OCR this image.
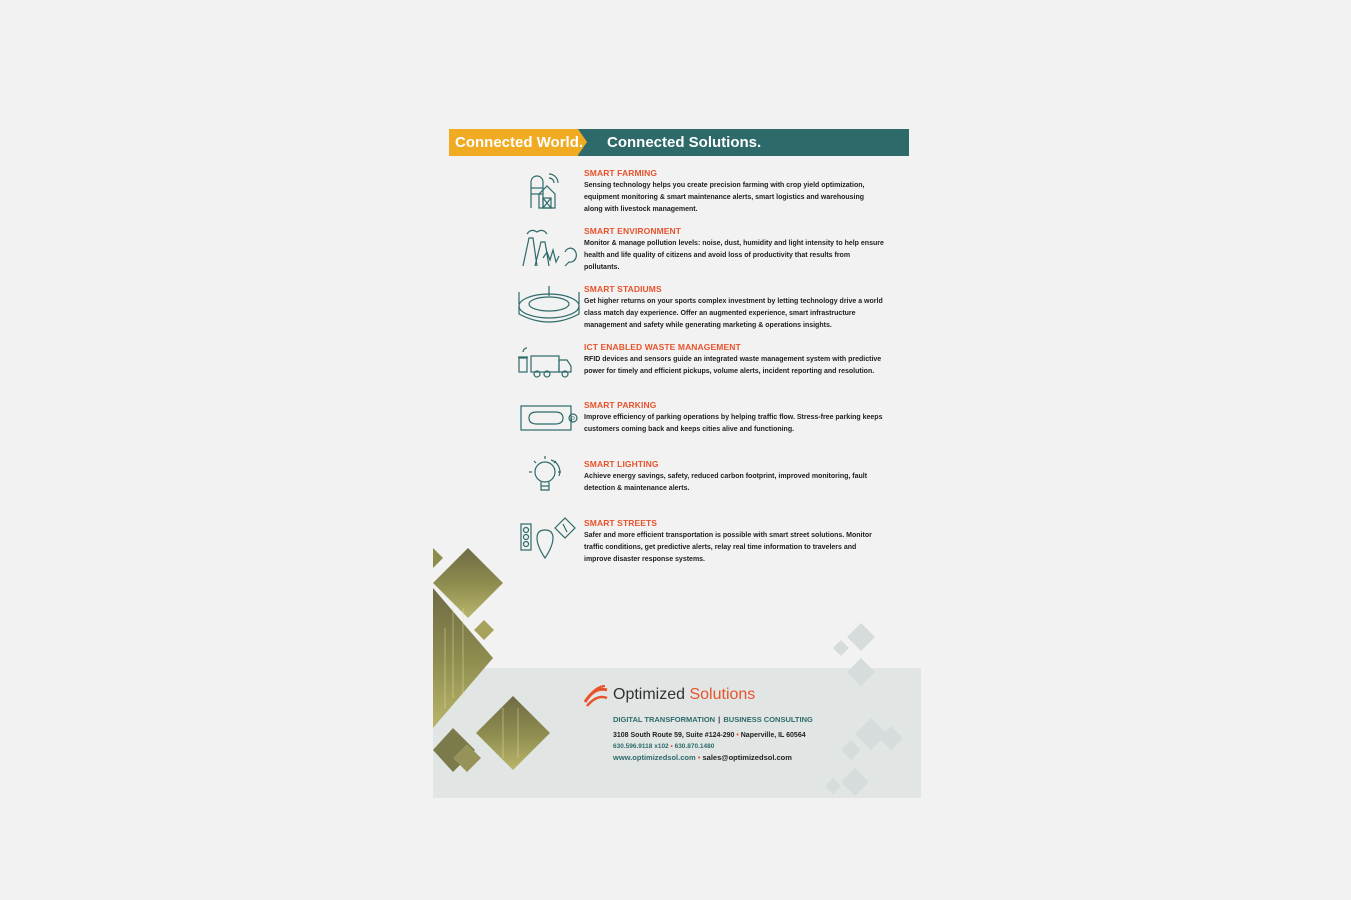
Connected World. Connected Solutions.

SMART FARMING

Sensing technology helps you create precision farming with crop yield optimization, equipment monitoring & smart maintenance alerts, smart logistics and warehousing along with livestock management.

SMART ENVIRONMENT

Monitor & manage pollution levels: noise, dust, humidity and light intensity to help ensure health and life quality of citizens and avoid loss of productivity that results from pollutants.

SMART STADIUMS

Get higher returns on your sports complex investment by letting technology drive a world class match day experience. Offer an augmented experience, smart infrastructure management and safety while generating marketing & operations insights.

ICT ENABLED WASTE MANAGEMENT

RFID devices and sensors guide an integrated waste management system with predictive power for timely and efficient pickups, volume alerts, incident reporting and resolution.

P

SMART PARKING

Improve efficiency of parking operations by helping traffic flow. Stress-free parking keeps customers coming back and keeps cities alive and functioning.

SMART LIGHTING

Achieve energy savings, safety, reduced carbon footprint, improved monitoring, fault detection & maintenance alerts.

SMART STREETS

Safer and more efficient transportation is possible with smart street solutions. Monitor traffic conditions, get predictive alerts, relay real time information to travelers and improve disaster response systems.

Optimized Solutions
DIGITAL TRANSFORMATION | BUSINESS CONSULTING
3108 South Route 59, Suite #124-290 • Naperville, IL 60564
630.596.9118 x102 • 630.870.1480
www.optimizedsol.com • sales@optimizedsol.com
